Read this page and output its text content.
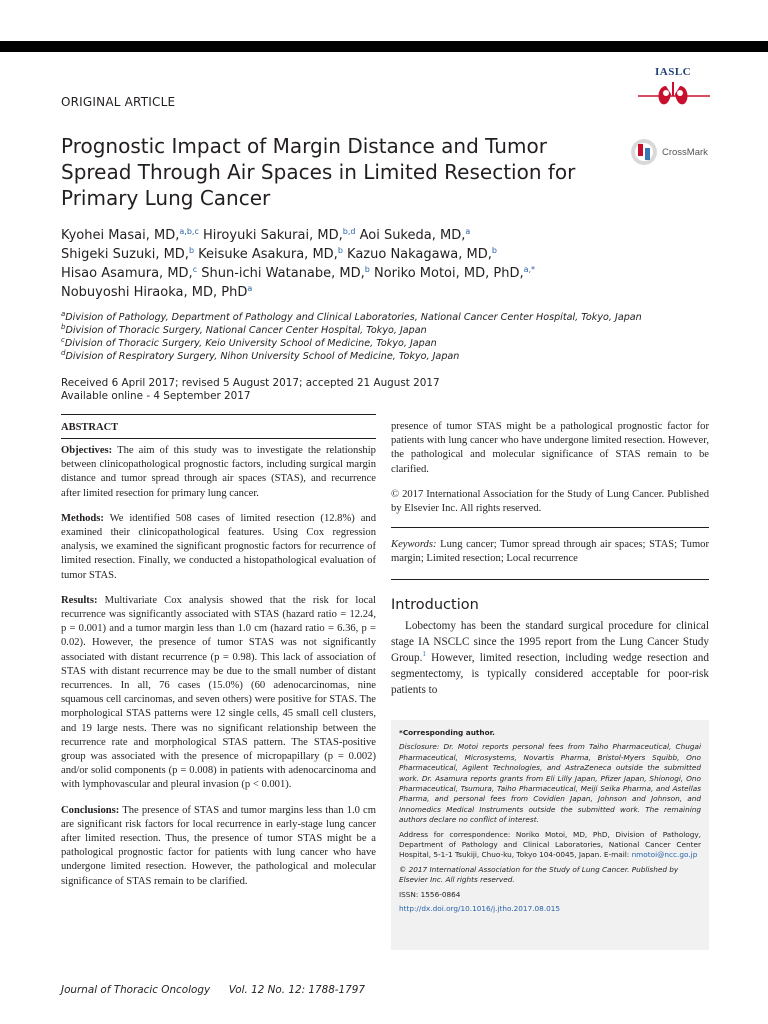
ORIGINAL ARTICLE
IASLC
CrossMark
Prognostic Impact of Margin Distance and Tumor Spread Through Air Spaces in Limited Resection for Primary Lung Cancer
Kyohei Masai, MD,$^{a,b,c}$ Hiroyuki Sakurai, MD,$^{b,d}$ Aoi Sukeda, MD,$^a$
Shigeki Suzuki, MD,$^b$ Keisuke Asakura, MD,$^b$ Kazuo Nakagawa, MD,$^b$
Hisao Asamura, MD,$^c$ Shun-ichi Watanabe, MD,$^b$ Noriko Motoi, MD, PhD,$^{a,*}$
Nobuyoshi Hiraoka, MD, PhD$^a$
$^a$Division of Pathology, Department of Pathology and Clinical Laboratories, National Cancer Center Hospital, Tokyo, Japan
$^b$Division of Thoracic Surgery, National Cancer Center Hospital, Tokyo, Japan
$^c$Division of Thoracic Surgery, Keio University School of Medicine, Tokyo, Japan
$^d$Division of Respiratory Surgery, Nihon University School of Medicine, Tokyo, Japan
Received 6 April 2017; revised 5 August 2017; accepted 21 August 2017
Available online - 4 September 2017
ABSTRACT

Objectives: The aim of this study was to investigate the relationship between clinicopathological prognostic factors, including surgical margin distance and tumor spread through air spaces (STAS), and recurrence after limited resection for primary lung cancer.

Methods: We identified 508 cases of limited resection (12.8%) and examined their clinicopathological features. Using Cox regression analysis, we examined the significant prognostic factors for recurrence of limited resection. Finally, we conducted a histopathological evaluation of tumor STAS.

Results: Multivariate Cox analysis showed that the risk for local recurrence was significantly associated with STAS (hazard ratio = 12.24, p = 0.001) and a tumor margin less than 1.0 cm (hazard ratio = 6.36, p = 0.02). However, the presence of tumor STAS was not significantly associated with distant recurrence (p = 0.98). This lack of association of STAS with distant recurrence may be due to the small number of distant recurrences. In all, 76 cases (15.0%) (60 adenocarcinomas, nine squamous cell carcinomas, and seven others) were positive for STAS. The morphological STAS patterns were 12 single cells, 45 small cell clusters, and 19 large nests. There was no significant relationship between the recurrence rate and morphological STAS pattern. The STAS-positive group was associated with the presence of micropapillary (p = 0.002) and/or solid components (p = 0.008) in patients with adenocarcinoma and with lymphovascular and pleural invasion (p < 0.001).

Conclusions: The presence of STAS and tumor margins less than 1.0 cm are significant risk factors for local recurrence in early-stage lung cancer after limited resection. Thus, the presence of tumor STAS might be a pathological prognostic factor for patients with lung cancer who have undergone limited resection. However, the pathological and molecular significance of STAS remain to be clarified.

presence of tumor STAS might be a pathological prognostic factor for patients with lung cancer who have undergone limited resection. However, the pathological and molecular significance of STAS remain to be clarified.

© 2017 International Association for the Study of Lung Cancer. Published by Elsevier Inc. All rights reserved.

Keywords: Lung cancer; Tumor spread through air spaces; STAS; Tumor margin; Limited resection; Local recurrence

Introduction
Lobectomy has been the standard surgical procedure for clinical stage IA NSCLC since the 1995 report from the Lung Cancer Study Group.$^1$ However, limited resection, including wedge resection and segmentectomy, is typically considered acceptable for poor-risk patients to

*Corresponding author.

Disclosure: Dr. Motoi reports personal fees from Taiho Pharmaceutical, Chugai Pharmaceutical, Microsystems, Novartis Pharma, Bristol-Myers Squibb, Ono Pharmaceutical, Agilent Technologies, and AstraZeneca outside the submitted work. Dr. Asamura reports grants from Eli Lilly Japan, Pfizer Japan, Shionogi, Ono Pharmaceutical, Tsumura, Taiho Pharmaceutical, Meiji Seika Pharma, and Astellas Pharma, and personal fees from Covidien Japan, Johnson and Johnson, and Innomedics Medical Instruments outside the submitted work. The remaining authors declare no conflict of interest.

Address for correspondence: Noriko Motoi, MD, PhD, Division of Pathology, Department of Pathology and Clinical Laboratories, National Cancer Center Hospital, 5-1-1 Tsukiji, Chuo-ku, Tokyo 104-0045, Japan. E-mail: nmotoi@ncc.go.jp

© 2017 International Association for the Study of Lung Cancer. Published by Elsevier Inc. All rights reserved.

ISSN: 1556-0864

http://dx.doi.org/10.1016/j.jtho.2017.08.015

Journal of Thoracic Oncology Vol. 12 No. 12: 1788-1797
